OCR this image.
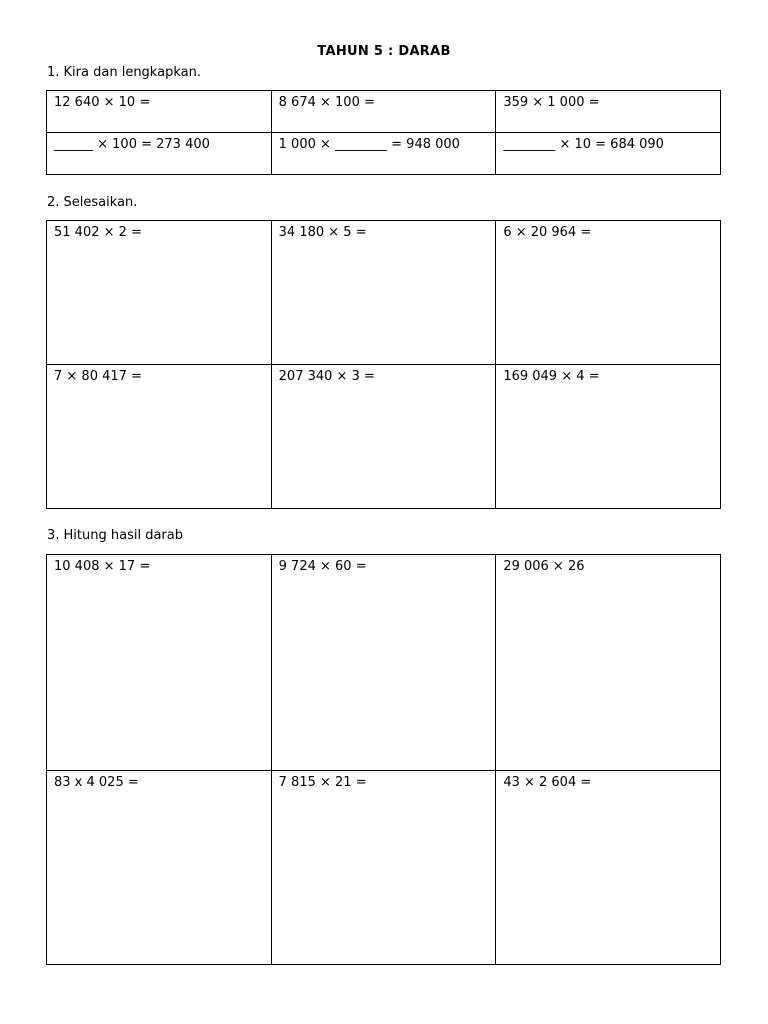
TAHUN 5 : DARAB
1. Kira dan lengkapkan.
12 640 × 10 =	8 674 × 100 =	359 × 1 000 =
______ × 100 = 273 400	1 000 × ________ = 948 000	________ × 10 = 684 090
2. Selesaikan.
51 402 × 2 =	34 180 × 5 =	6 × 20 964 =
7 × 80 417 =	207 340 × 3 =	169 049 × 4 =
3. Hitung hasil darab
10 408 × 17 =	9 724 × 60 =	29 006 × 26
83 x 4 025 =	7 815 × 21 =	43 × 2 604 =
